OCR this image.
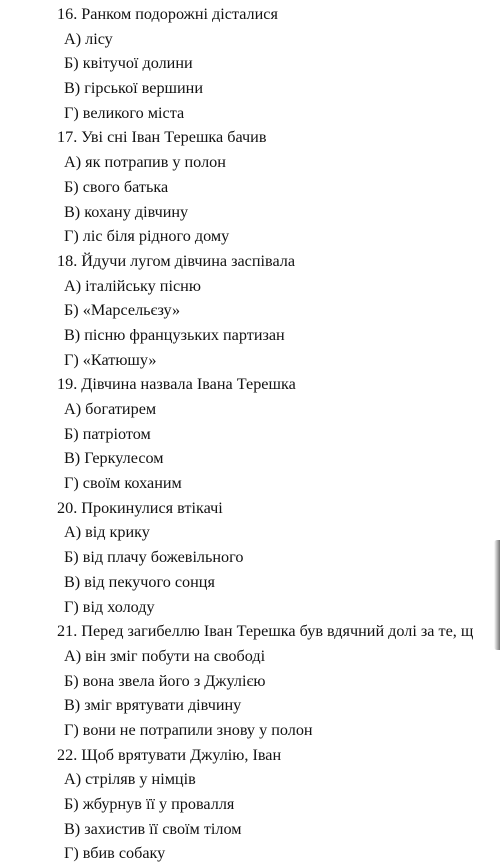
16. Ранком подорожні дісталися
А) лісу
Б) квітучої долини
В) гірської вершини
Г) великого міста
17. Уві сні Іван Терешка бачив
А) як потрапив у полон
Б) свого батька
В) кохану дівчину
Г) ліс біля рідного дому
18. Йдучи лугом дівчина заспівала
А) італійську пісню
Б) «Марсельєзу»
В) пісню французьких партизан
Г) «Катюшу»
19. Дівчина назвала Івана Терешка
А) богатирем
Б) патріотом
В) Геркулесом
Г) своїм коханим
20. Прокинулися втікачі
А) від крику
Б) від плачу божевільного
В) від пекучого сонця
Г) від холоду
21. Перед загибеллю Іван Терешка був вдячний долі за те, щ
А) він зміг побути на свободі
Б) вона звела його з Джулією
В) зміг врятувати дівчину
Г) вони не потрапили знову у полон
22. Щоб врятувати Джулію, Іван
А) стріляв у німців
Б) жбурнув її у провалля
В) захистив її своїм тілом
Г) вбив собаку
